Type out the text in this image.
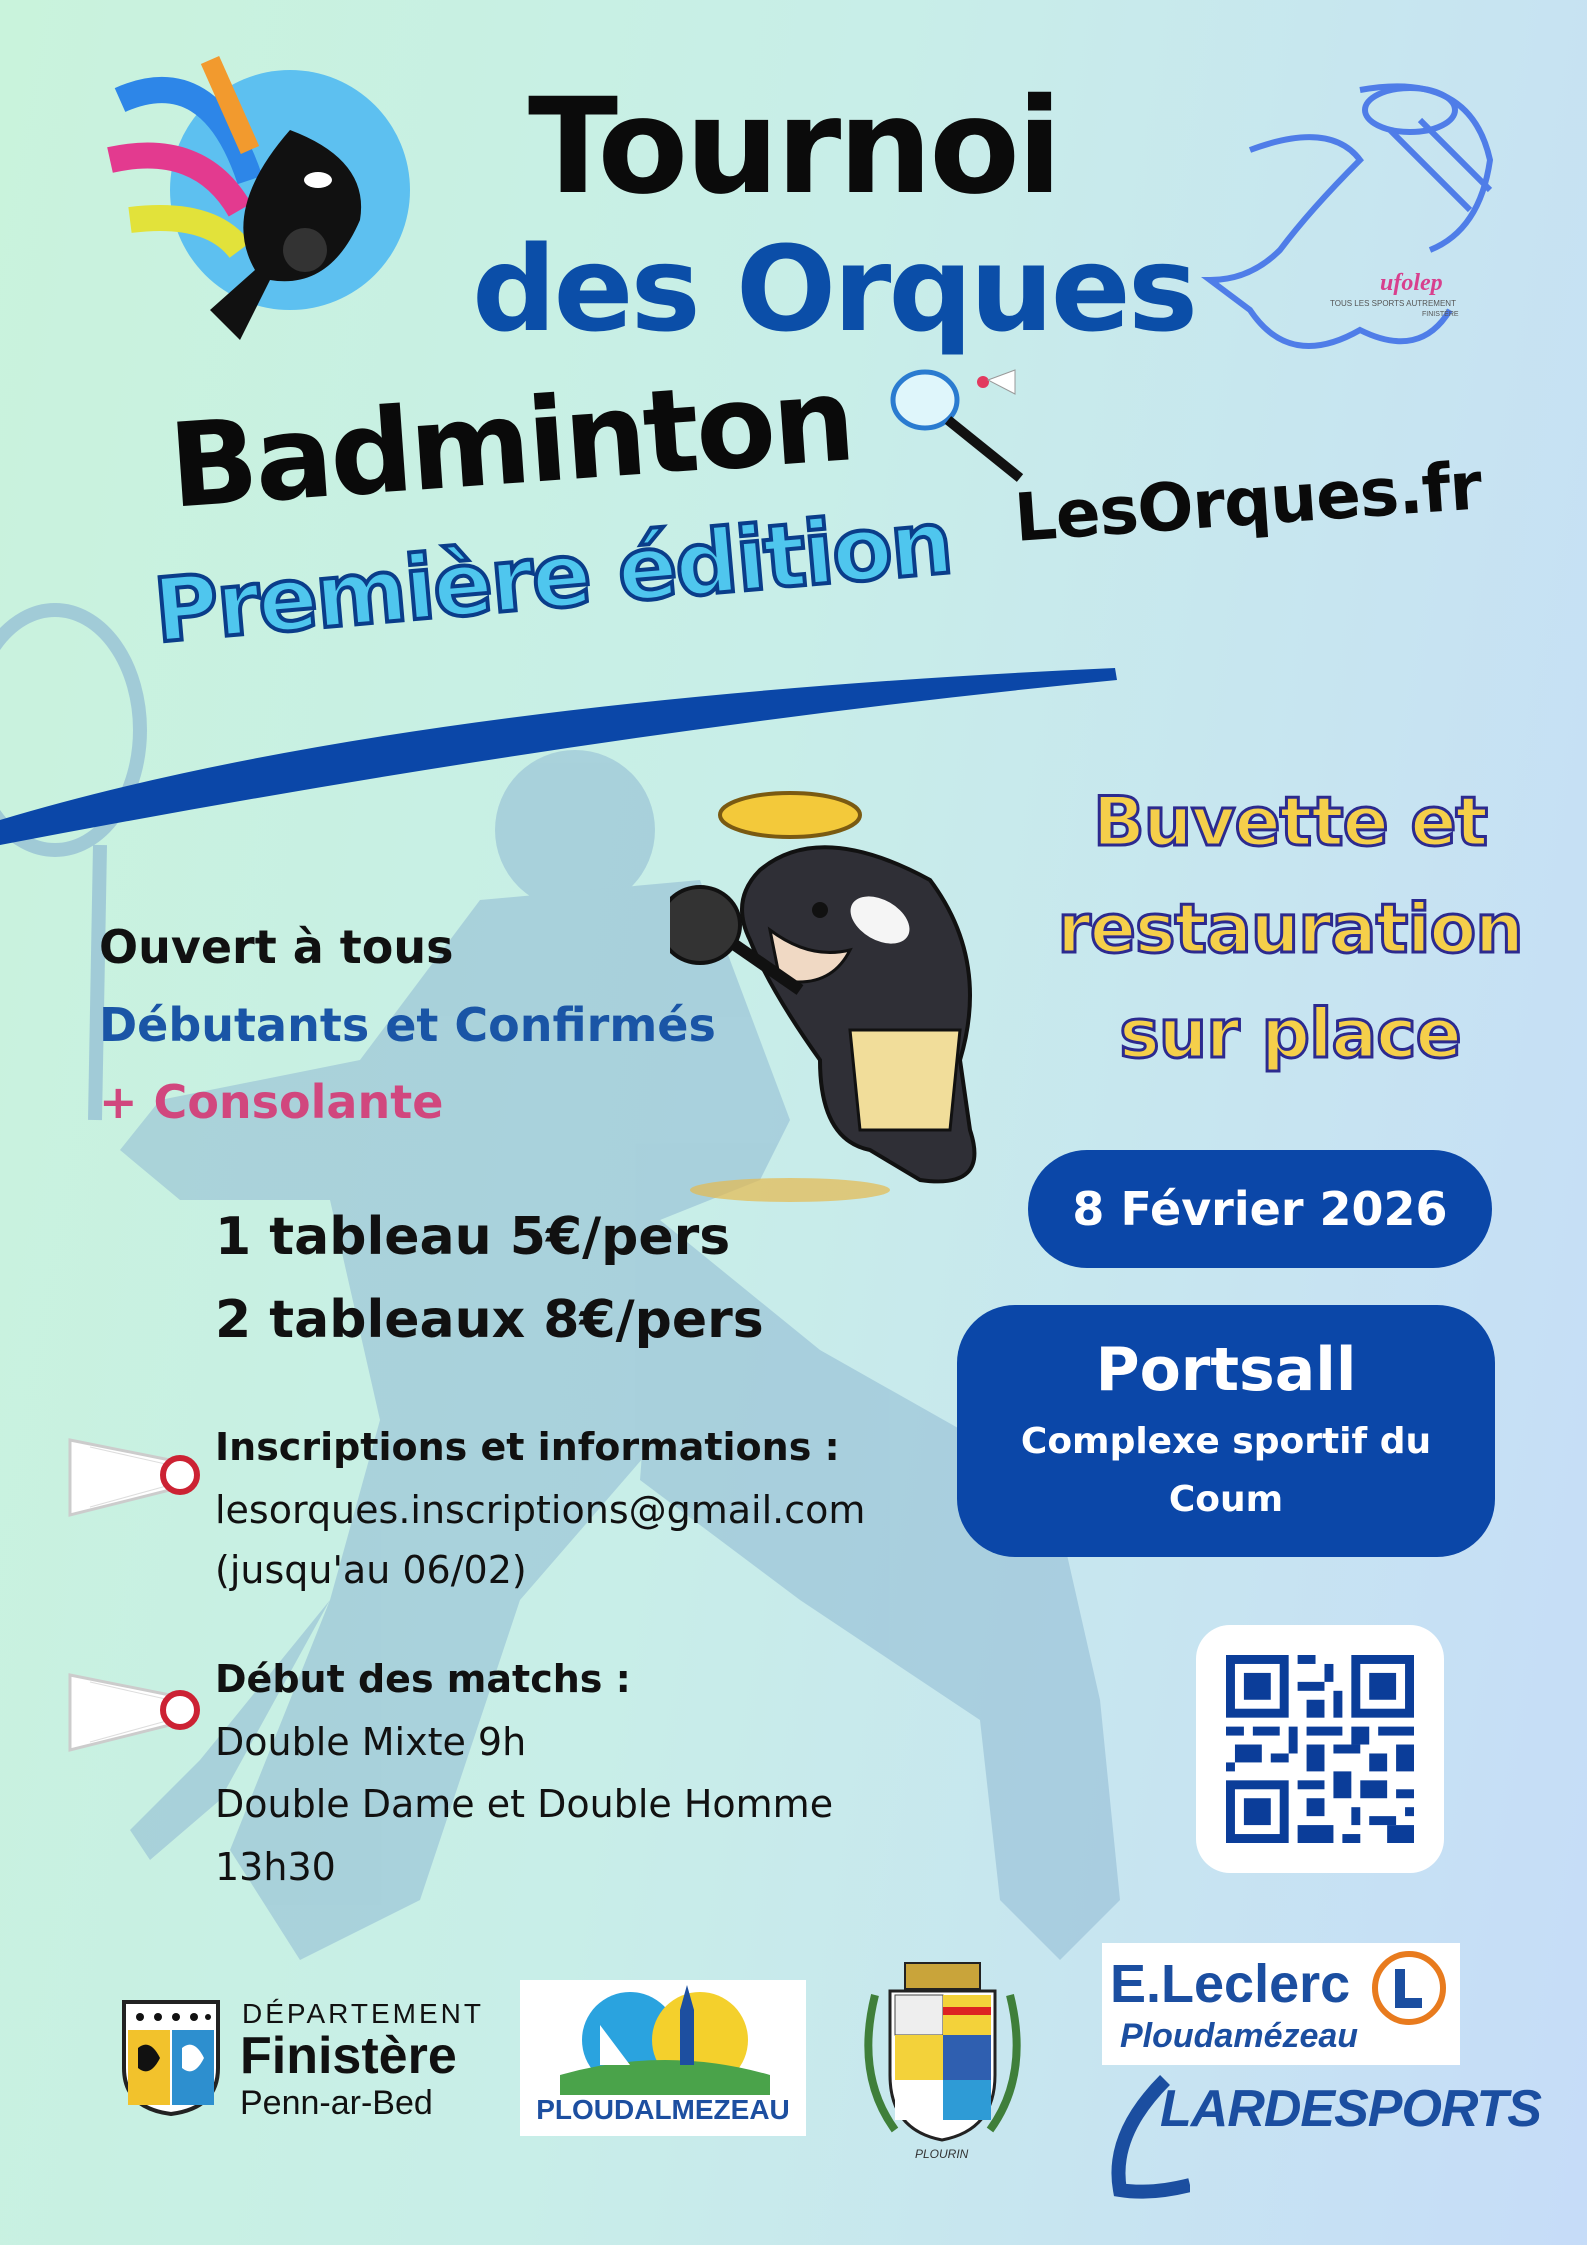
ufolep
TOUS LES SPORTS AUTREMENT
FINISTÈRE
Tournoi
des Orques
Badminton
Première édition LesOrques.fr
Ouvert à tous
Débutants et Confirmés
+ Consolante
1 tableau 5€/pers
2 tableaux 8€/pers
Inscriptions et informations :
lesorques.inscriptions@gmail.com
(jusqu'au 06/02)
Début des matchs :
Double Mixte 9h
Double Dame et Double Homme
13h30
Buvette et
restauration
sur place
8 Février 2026
Portsall
Complexe sportif du Coum
DÉPARTEMENT
Finistère
Penn-ar-Bed	PLOUDALMEZEAU
PLOURIN
E.Leclerc
Ploudamézeau
LARDESPORTS
